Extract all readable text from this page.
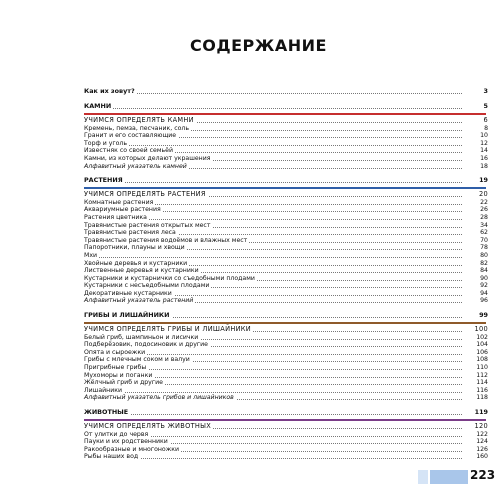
СОДЕРЖАНИЕ
Как их зовут?	3
КАМНИ	5
УЧИМСЯ ОПРЕДЕЛЯТЬ КАМНИ	6
Кремень, пемза, песчаник, соль	8
Гранит и его составляющие	10
Торф и уголь	12
Известняк со своей семьёй	14
Камни, из которых делают украшения	16
Алфавитный указатель камней	18
РАСТЕНИЯ	19
УЧИМСЯ ОПРЕДЕЛЯТЬ РАСТЕНИЯ	20
Комнатные растения	22
Аквариумные растения	26
Растения цветника	28
Травянистые растения открытых мест	34
Травянистые растения леса	62
Травянистые растения водоёмов и влажных мест	70
Папоротники, плауны и хвощи	78
Мхи	80
Хвойные деревья и кустарники	82
Лиственные деревья и кустарники	84
Кустарники и кустарнички со съедобными плодами	90
Кустарники с несъедобными плодами	92
Декоративные кустарники	94
Алфавитный указатель растений	96
ГРИБЫ И ЛИШАЙНИКИ	99
УЧИМСЯ ОПРЕДЕЛЯТЬ ГРИБЫ И ЛИШАЙНИКИ	100
Белый гриб, шампиньон и лисички	102
Подберёзовик, подосиновик и другие	104
Опята и сыроежки	106
Грибы с млечным соком и валуи	108
Пригрибные грибы	110
Мухоморы и поганки	112
Жёлчный гриб и другие	114
Лишайники	116
Алфавитный указатель грибов и лишайников	118
ЖИВОТНЫЕ	119
УЧИМСЯ ОПРЕДЕЛЯТЬ ЖИВОТНЫХ	120
От улитки до червя	122
Пауки и их родственники	124
Ракообразные и многоножки	126
Рыбы наших вод	160
223
